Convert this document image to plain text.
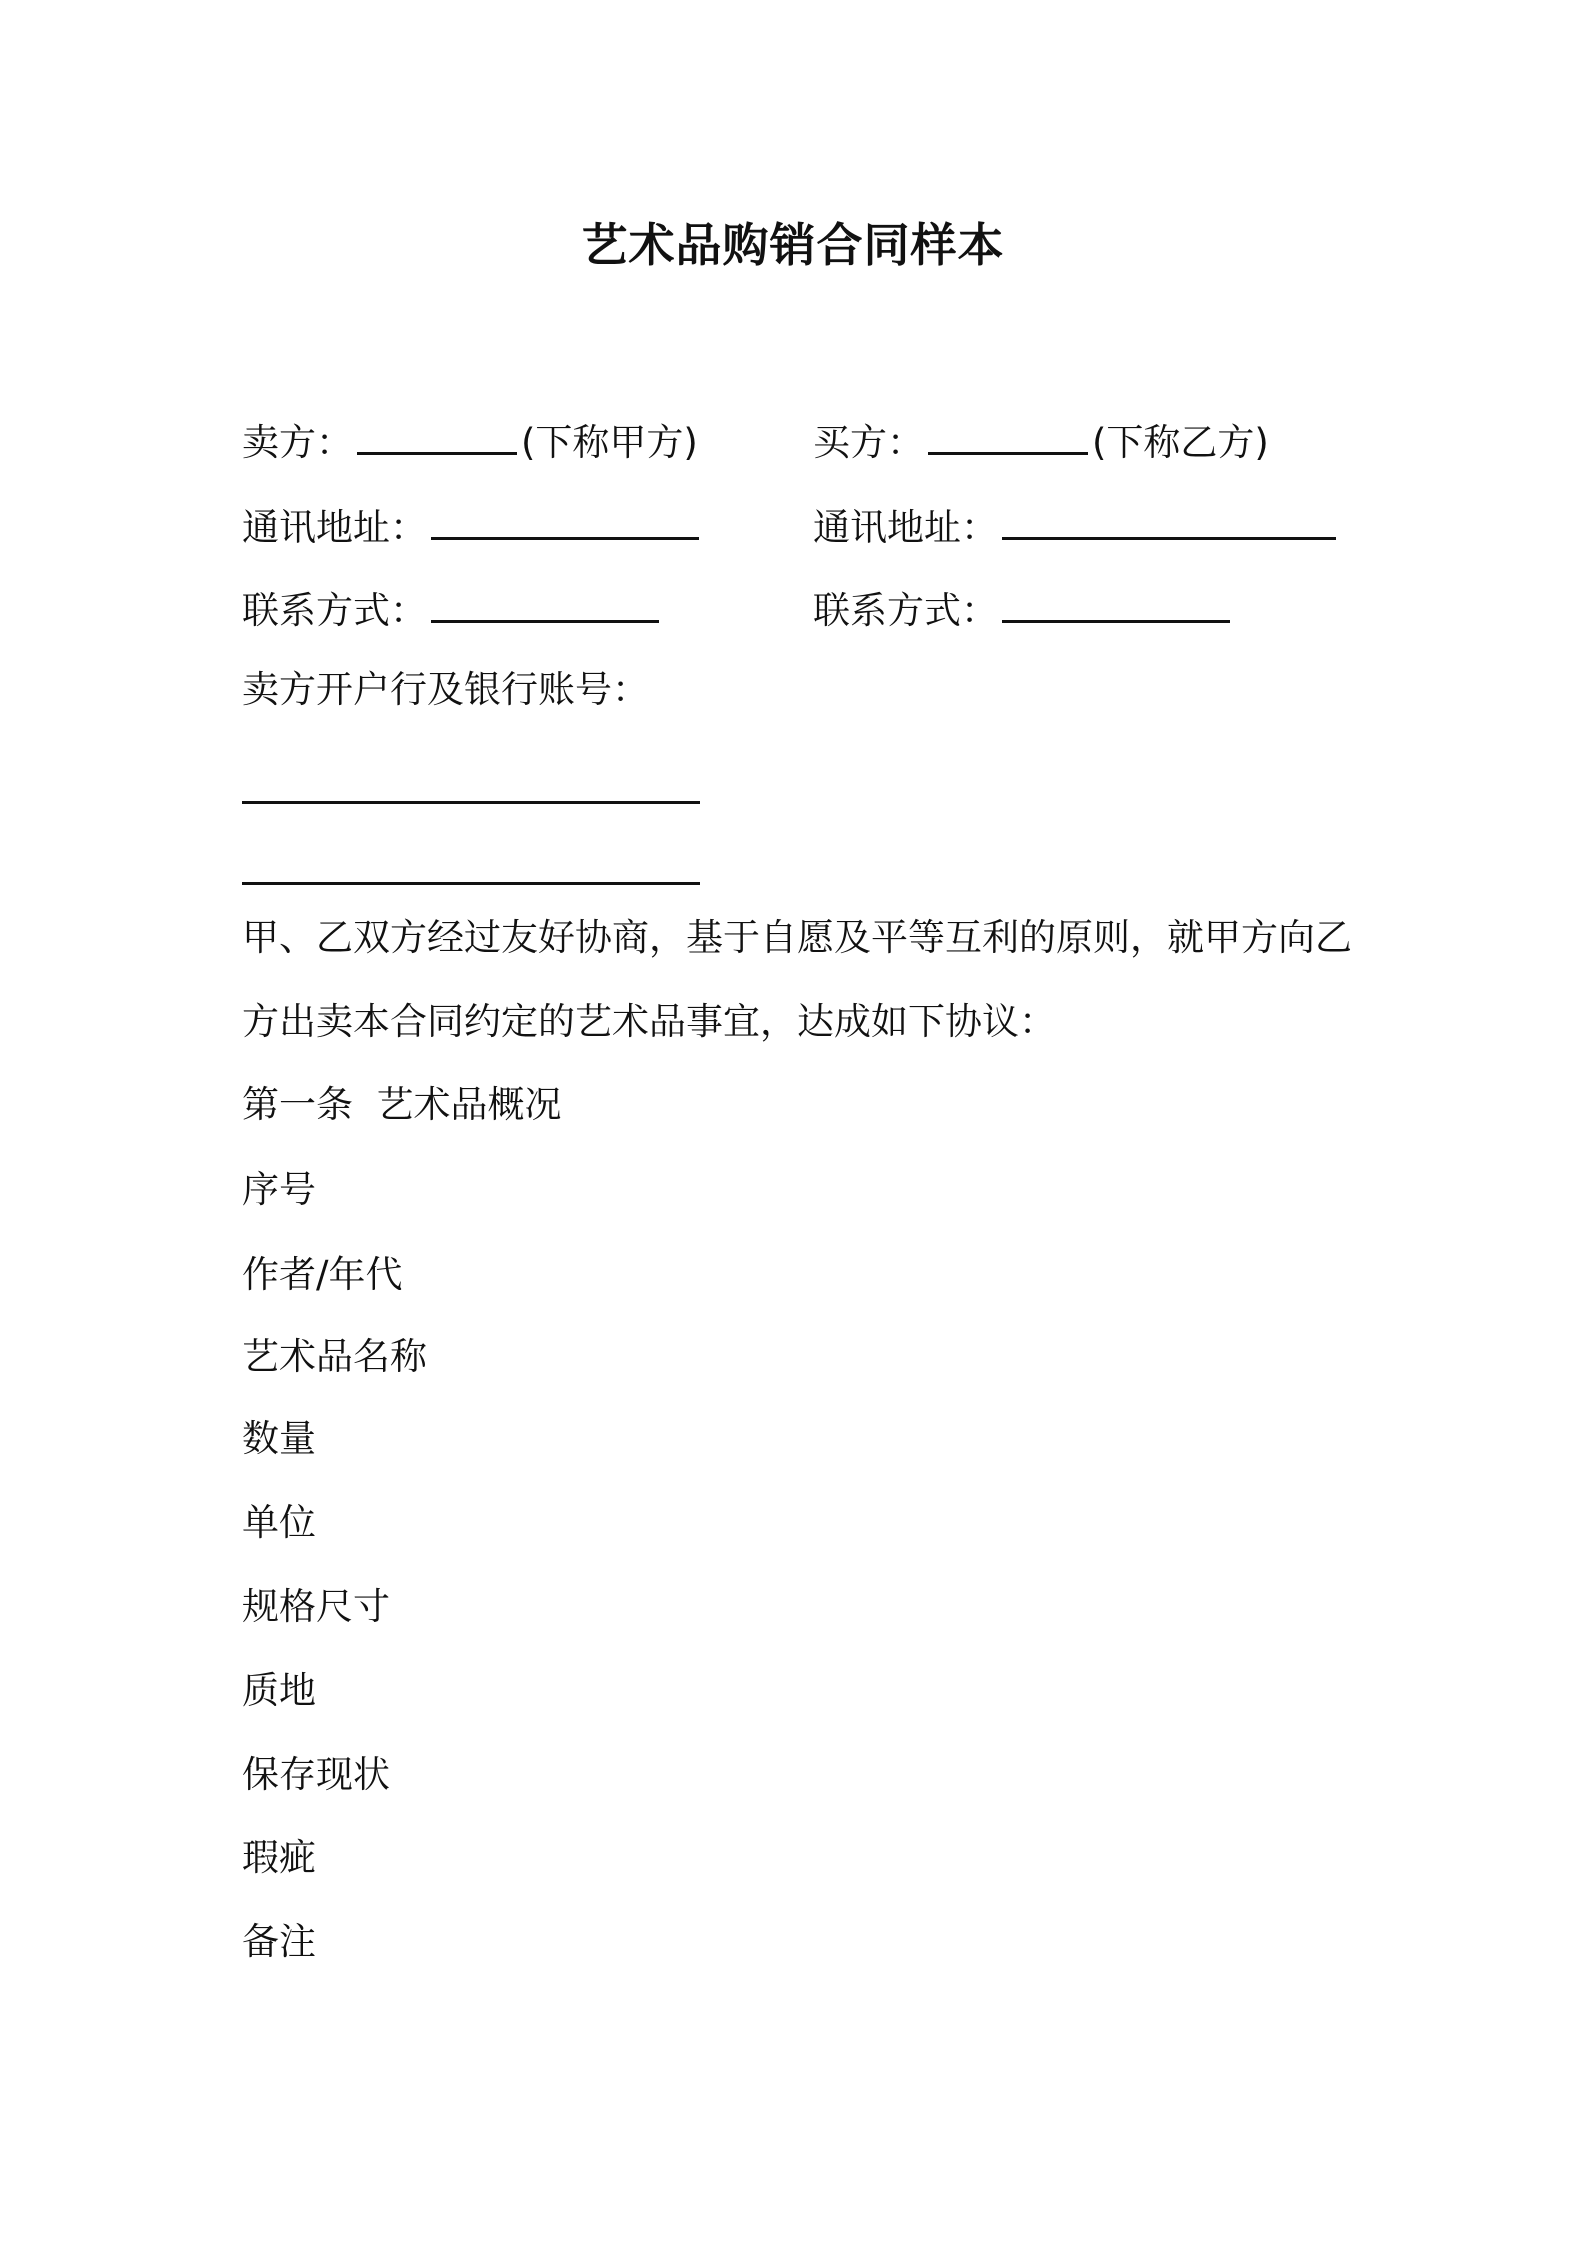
艺术品购销合同样本
卖方：	(下称甲方)	买方：	(下称乙方)
通讯地址：	通讯地址：
联系方式：	联系方式：
卖方开户行及银行账号：
甲、乙双方经过友好协商，基于自愿及平等互利的原则，就甲方向乙
方出卖本合同约定的艺术品事宜，达成如下协议：
第一条  艺术品概况
序号
作者/年代
艺术品名称
数量
单位
规格尺寸
质地
保存现状
瑕疵
备注
